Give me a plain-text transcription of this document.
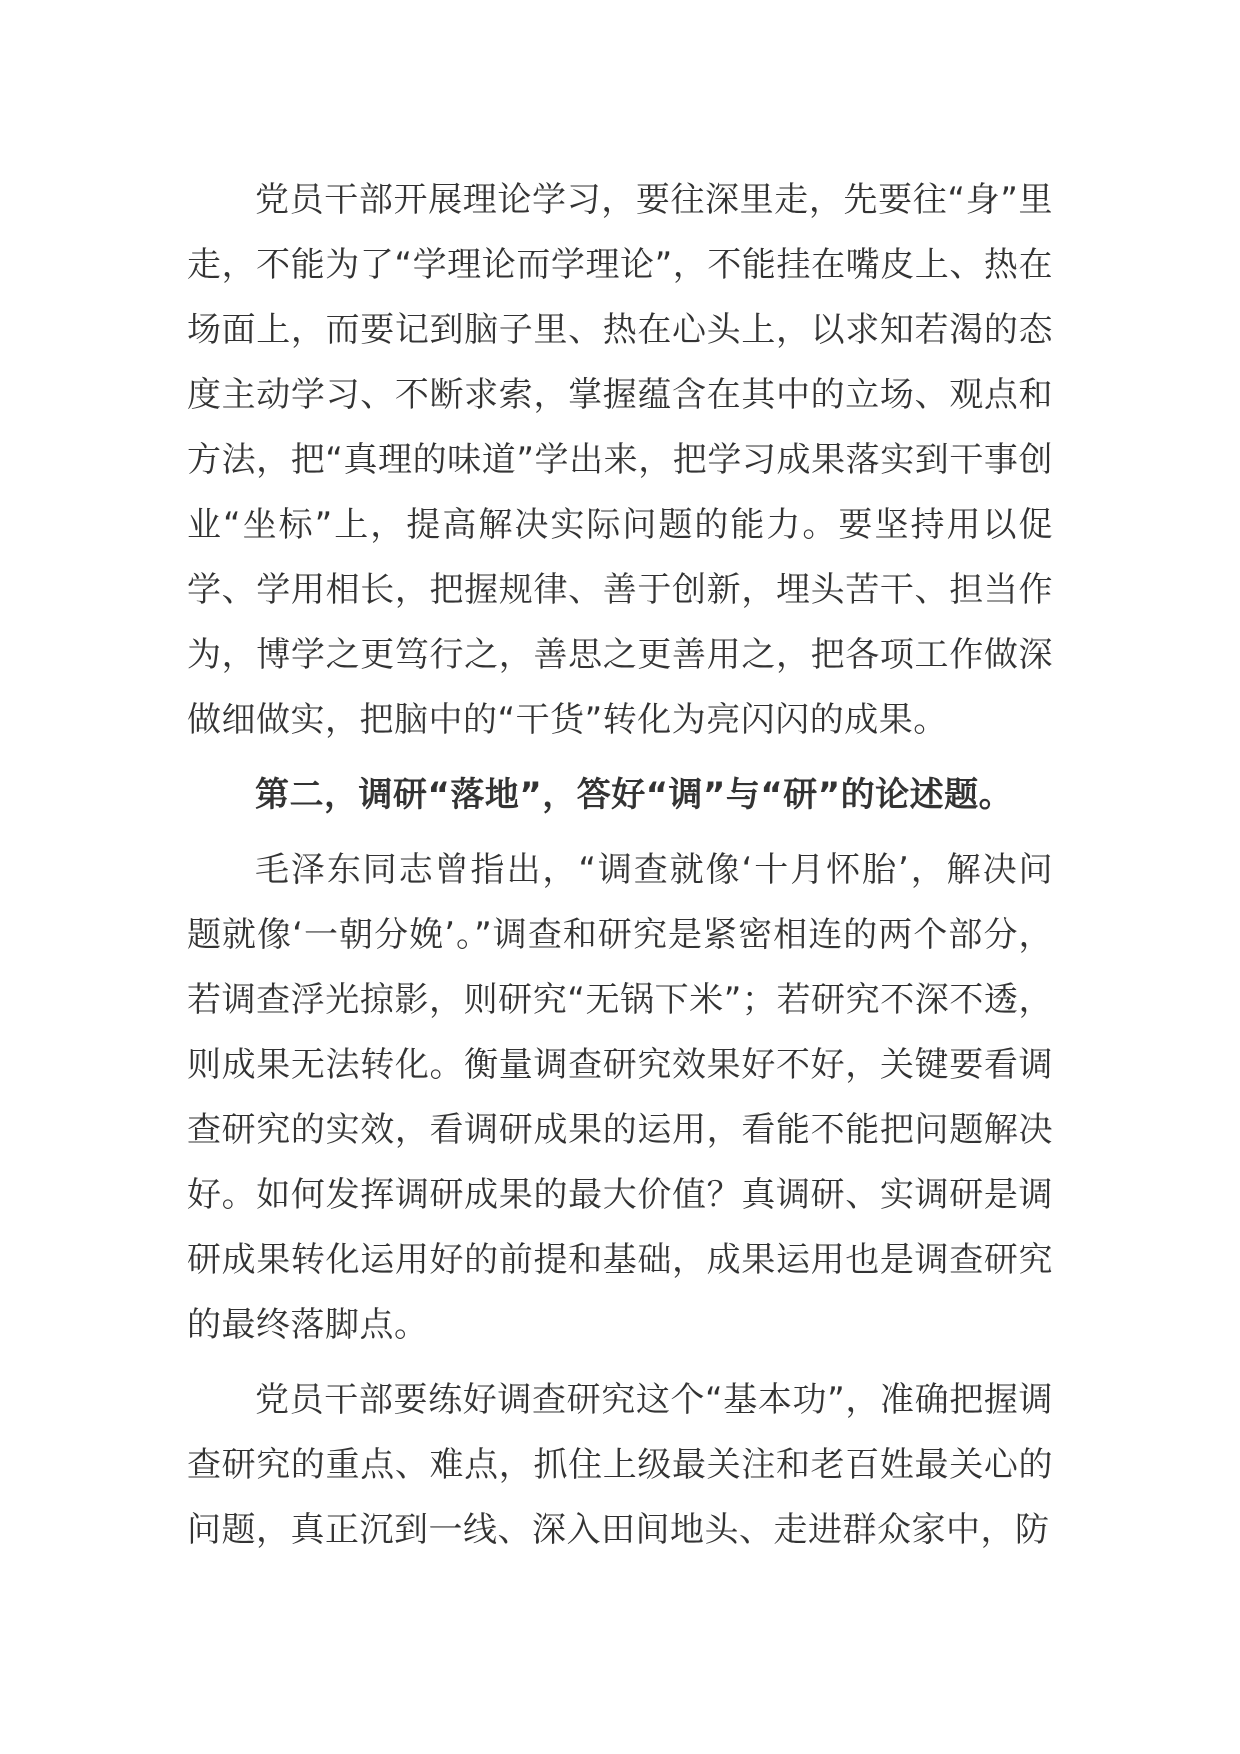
党员干部开展理论学习，要往深里走，先要往“身”里走，不能为了“学理论而学理论”，不能挂在嘴皮上、热在场面上，而要记到脑子里、热在心头上，以求知若渴的态度主动学习、不断求索，掌握蕴含在其中的立场、观点和方法，把“真理的味道”学出来，把学习成果落实到干事创业“坐标”上，提高解决实际问题的能力。要坚持用以促学、学用相长，把握规律、善于创新，埋头苦干、担当作为，博学之更笃行之，善思之更善用之，把各项工作做深做细做实，把脑中的“干货”转化为亮闪闪的成果。

第二，调研“落地”，答好“调”与“研”的论述题。

毛泽东同志曾指出，“调查就像‘十月怀胎’，解决问题就像‘一朝分娩’。”调查和研究是紧密相连的两个部分，若调查浮光掠影，则研究“无锅下米”；若研究不深不透，则成果无法转化。衡量调查研究效果好不好，关键要看调查研究的实效，看调研成果的运用，看能不能把问题解决好。如何发挥调研成果的最大价值？真调研、实调研是调研成果转化运用好的前提和基础，成果运用也是调查研究的最终落脚点。

党员干部要练好调查研究这个“基本功”，准确把握调查研究的重点、难点，抓住上级最关注和老百姓最关心的问题，真正沉到一线、深入田间地头、走进群众家中，防
